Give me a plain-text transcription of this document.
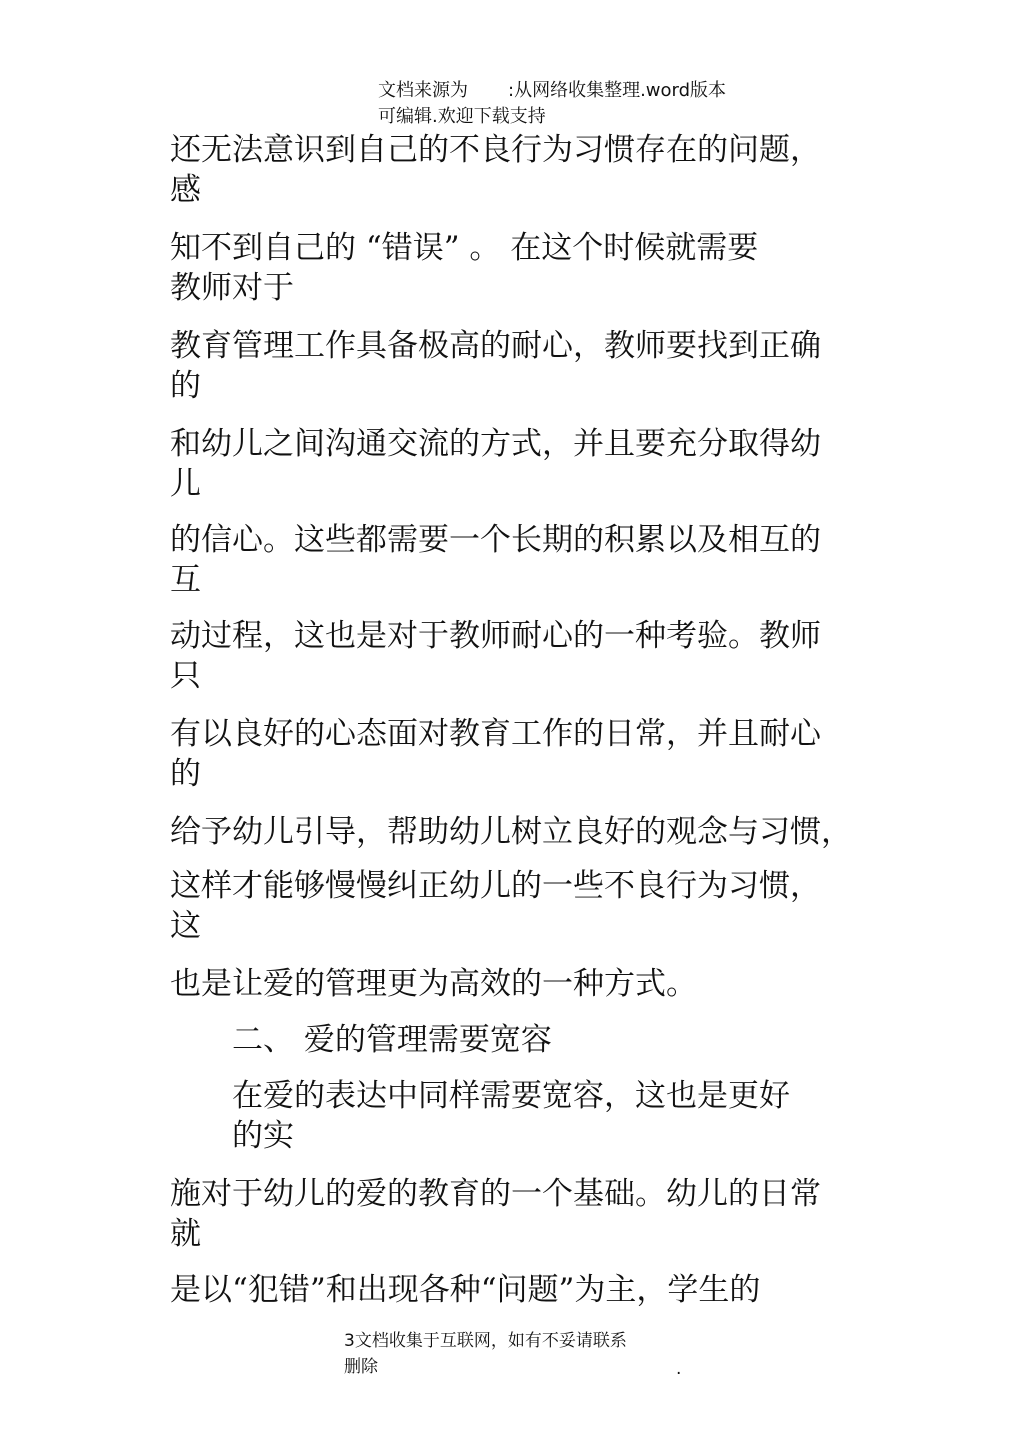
文档来源为 :从网络收集整理.word版本
可编辑.欢迎下载支持
还无法意识到自己的不良行为习惯存在的问题，
感
知不到自己的 “错误” 。 在这个时候就需要
教师对于
教育管理工作具备极高的耐心，教师要找到正确
的
和幼儿之间沟通交流的方式，并且要充分取得幼
儿
的信心。这些都需要一个长期的积累以及相互的
互
动过程，这也是对于教师耐心的一种考验。教师
只
有以良好的心态面对教育工作的日常，并且耐心
的
给予幼儿引导，帮助幼儿树立良好的观念与习惯，
这样才能够慢慢纠正幼儿的一些不良行为习惯，
这
也是让爱的管理更为高效的一种方式。
二、 爱的管理需要宽容
在爱的表达中同样需要宽容，这也是更好
的实
施对于幼儿的爱的教育的一个基础。幼儿的日常
就
是以“犯错”和出现各种“问题”为主，学生的
3文档收集于互联网，如有不妥请联系
删除	.
